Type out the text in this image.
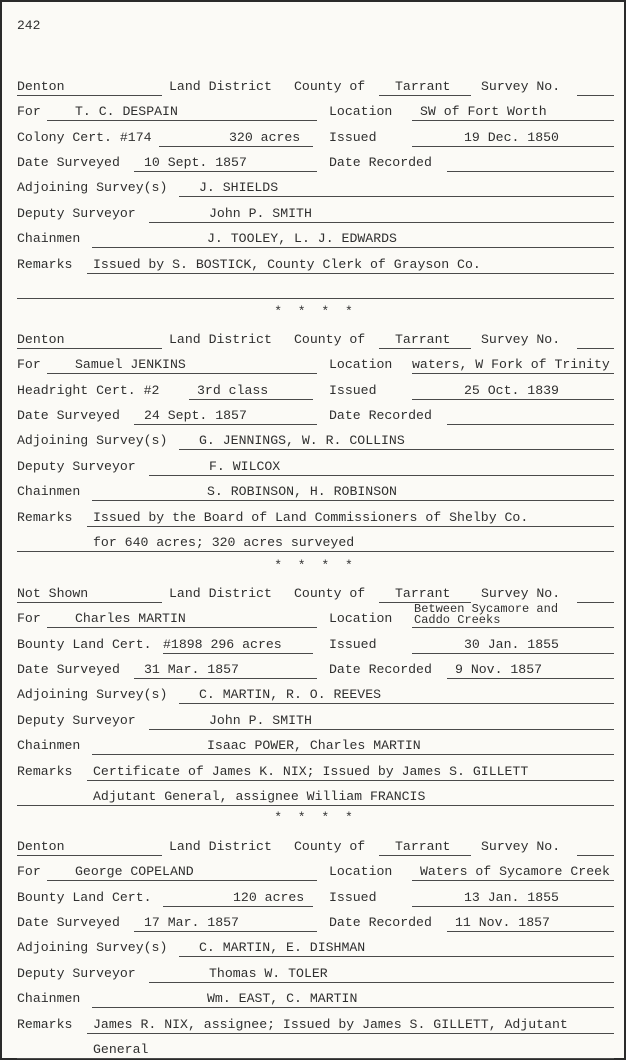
242
Denton	Land District County of Tarrant Survey No.
For	T. C. DESPAIN	Location SW of Fort Worth
Colony Cert. #174	320 acres Issued	19 Dec. 1850
Date Surveyed 10 Sept. 1857	Date Recorded
Adjoining Survey(s) J. SHIELDS
Deputy Surveyor	John P. SMITH
Chainmen	J. TOOLEY, L. J. EDWARDS
Remarks Issued by S. BOSTICK, County Clerk of Grayson Co.
* * * *
Denton	Land District County of Tarrant Survey No.
For	Samuel JENKINS	Location waters, W Fork of Trinity
Headright Cert. #2	3rd class	Issued	25 Oct. 1839
Date Surveyed 24 Sept. 1857	Date Recorded
Adjoining Survey(s) G. JENNINGS, W. R. COLLINS
Deputy Surveyor	F. WILCOX
Chainmen	S. ROBINSON, H. ROBINSON
Remarks Issued by the Board of Land Commissioners of Shelby Co.
for 640 acres; 320 acres surveyed
* * * *
Not Shown	Land District County of Tarrant Survey No.
For	Charles MARTIN	Location
Between Sycamore and
Caddo Creeks
Bounty Land Cert. #1898 296 acres	Issued	30 Jan. 1855
Date Surveyed 31 Mar. 1857	Date Recorded 9 Nov. 1857
Adjoining Survey(s) C. MARTIN, R. O. REEVES
Deputy Surveyor	John P. SMITH
Chainmen	Isaac POWER, Charles MARTIN
Remarks Certificate of James K. NIX; Issued by James S. GILLETT
Adjutant General, assignee William FRANCIS
* * * *
Denton	Land District County of Tarrant Survey No.
For	George COPELAND	Location Waters of Sycamore Creek
Bounty Land Cert.	120 acres Issued	13 Jan. 1855
Date Surveyed 17 Mar. 1857	Date Recorded 11 Nov. 1857
Adjoining Survey(s) C. MARTIN, E. DISHMAN
Deputy Surveyor	Thomas W. TOLER
Chainmen	Wm. EAST, C. MARTIN
Remarks James R. NIX, assignee; Issued by James S. GILLETT, Adjutant
General
